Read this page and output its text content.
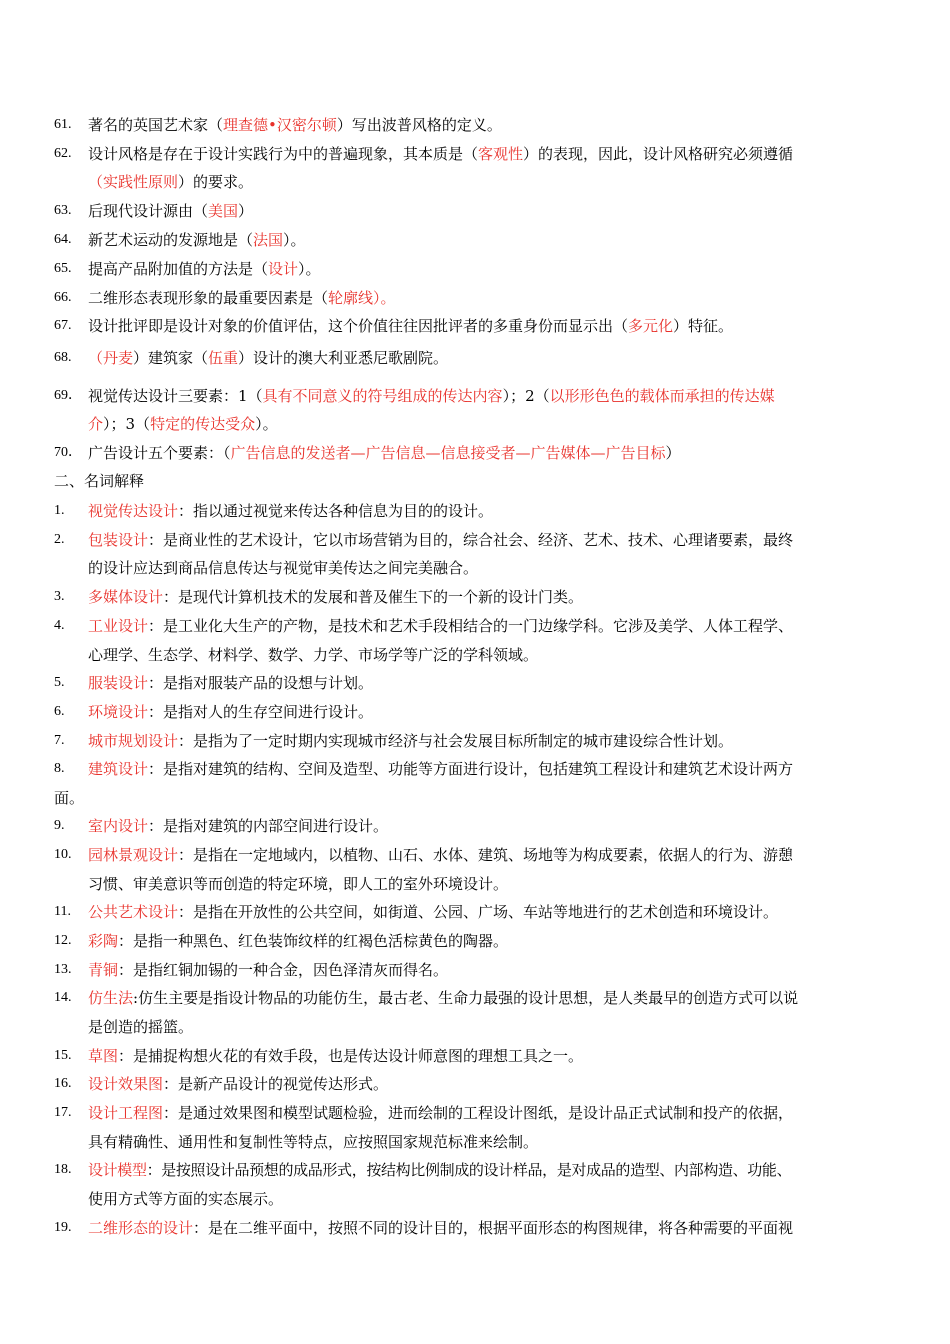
61. 著名的英国艺术家（理查德•汉密尔顿）写出波普风格的定义。
62. 设计风格是存在于设计实践行为中的普遍现象，其本质是（客观性）的表现，因此，设计风格研究必须遵循
（实践性原则）的要求。
63. 后现代设计源由（美国）
64. 新艺术运动的发源地是（法国）。
65. 提高产品附加值的方法是（设计）。
66. 二维形态表现形象的最重要因素是（轮廓线）。
67. 设计批评即是设计对象的价值评估，这个价值往往因批评者的多重身份而显示出（多元化）特征。
68. （丹麦）建筑家（伍重）设计的澳大利亚悉尼歌剧院。
69． 视觉传达设计三要素：1（具有不同意义的符号组成的传达内容）；2（以形形色色的载体而承担的传达媒
介）；3（特定的传达受众）。
70． 广告设计五个要素：（广告信息的发送者—广告信息—信息接受者—广告媒体—广告目标）
二、名词解释
1. 视觉传达设计：指以通过视觉来传达各种信息为目的的设计。
2. 包装设计：是商业性的艺术设计，它以市场营销为目的，综合社会、经济、艺术、技术、心理诸要素，最终
的设计应达到商品信息传达与视觉审美传达之间完美融合。
3. 多媒体设计：是现代计算机技术的发展和普及催生下的一个新的设计门类。
4. 工业设计：是工业化大生产的产物，是技术和艺术手段相结合的一门边缘学科。它涉及美学、人体工程学、
心理学、生态学、材料学、数学、力学、市场学等广泛的学科领域。
5. 服装设计：是指对服装产品的设想与计划。
6. 环境设计：是指对人的生存空间进行设计。
7. 城市规划设计：是指为了一定时期内实现城市经济与社会发展目标所制定的城市建设综合性计划。
8. 建筑设计：是指对建筑的结构、空间及造型、功能等方面进行设计，包括建筑工程设计和建筑艺术设计两方
面。
9. 室内设计：是指对建筑的内部空间进行设计。
10. 园林景观设计：是指在一定地域内，以植物、山石、水体、建筑、场地等为构成要素，依据人的行为、游憩
习惯、审美意识等而创造的特定环境，即人工的室外环境设计。
11. 公共艺术设计：是指在开放性的公共空间，如街道、公园、广场、车站等地进行的艺术创造和环境设计。
12. 彩陶：是指一种黑色、红色装饰纹样的红褐色活棕黄色的陶器。
13. 青铜：是指红铜加锡的一种合金，因色泽清灰而得名。
14. 仿生法:仿生主要是指设计物品的功能仿生，最古老、生命力最强的设计思想，是人类最早的创造方式可以说
是创造的摇篮。
15. 草图：是捕捉构想火花的有效手段，也是传达设计师意图的理想工具之一。
16. 设计效果图：是新产品设计的视觉传达形式。
17. 设计工程图：是通过效果图和模型试题检验，进而绘制的工程设计图纸，是设计品正式试制和投产的依据，
具有精确性、通用性和复制性等特点，应按照国家规范标准来绘制。
18. 设计模型：是按照设计品预想的成品形式，按结构比例制成的设计样品，是对成品的造型、内部构造、功能、
使用方式等方面的实态展示。
19. 二维形态的设计：是在二维平面中，按照不同的设计目的，根据平面形态的构图规律，将各种需要的平面视
